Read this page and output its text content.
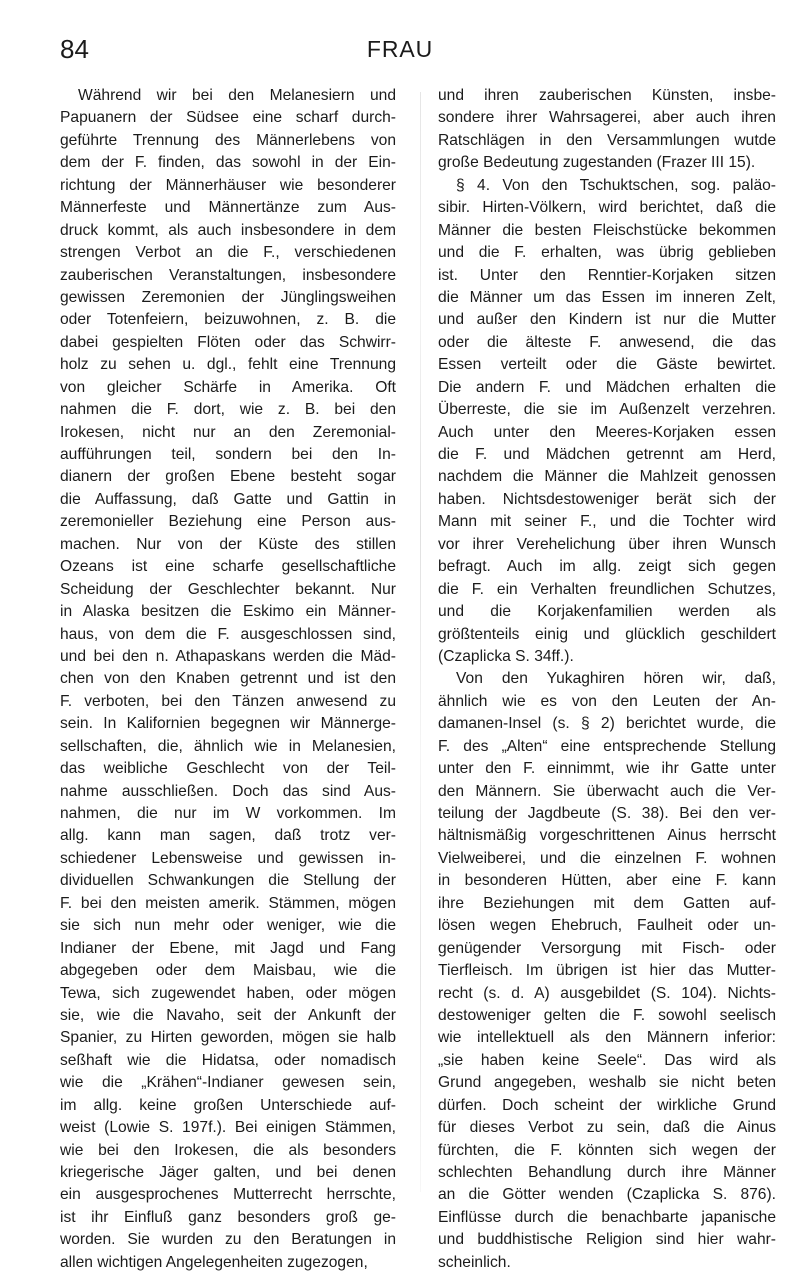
84	FRAU
Während wir bei den Melanesiern und
Papuanern der Südsee eine scharf durch-
geführte Trennung des Männerlebens von
dem der F. finden, das sowohl in der Ein-
richtung der Männerhäuser wie besonderer
Männerfeste und Männertänze zum Aus-
druck kommt, als auch insbesondere in dem
strengen Verbot an die F., verschiedenen
zauberischen Veranstaltungen, insbesondere
gewissen Zeremonien der Jünglingsweihen
oder Totenfeiern, beizuwohnen, z. B. die
dabei gespielten Flöten oder das Schwirr-
holz zu sehen u. dgl., fehlt eine Trennung
von gleicher Schärfe in Amerika. Oft
nahmen die F. dort, wie z. B. bei den
Irokesen, nicht nur an den Zeremonial-
aufführungen teil, sondern bei den In-
dianern der großen Ebene besteht sogar
die Auffassung, daß Gatte und Gattin in
zeremonieller Beziehung eine Person aus-
machen. Nur von der Küste des stillen
Ozeans ist eine scharfe gesellschaftliche
Scheidung der Geschlechter bekannt. Nur
in Alaska besitzen die Eskimo ein Männer-
haus, von dem die F. ausgeschlossen sind,
und bei den n. Athapaskans werden die Mäd-
chen von den Knaben getrennt und ist den
F. verboten, bei den Tänzen anwesend zu
sein. In Kalifornien begegnen wir Männerge-
sellschaften, die, ähnlich wie in Melanesien,
das weibliche Geschlecht von der Teil-
nahme ausschließen. Doch das sind Aus-
nahmen, die nur im W vorkommen. Im
allg. kann man sagen, daß trotz ver-
schiedener Lebensweise und gewissen in-
dividuellen Schwankungen die Stellung der
F. bei den meisten amerik. Stämmen, mögen
sie sich nun mehr oder weniger, wie die
Indianer der Ebene, mit Jagd und Fang
abgegeben oder dem Maisbau, wie die
Tewa, sich zugewendet haben, oder mögen
sie, wie die Navaho, seit der Ankunft der
Spanier, zu Hirten geworden, mögen sie halb
seßhaft wie die Hidatsa, oder nomadisch
wie die „Krähen“-Indianer gewesen sein,
im allg. keine großen Unterschiede auf-
weist (Lowie S. 197f.). Bei einigen Stämmen,
wie bei den Irokesen, die als besonders
kriegerische Jäger galten, und bei denen
ein ausgesprochenes Mutterrecht herrschte,
ist ihr Einfluß ganz besonders groß ge-
worden. Sie wurden zu den Beratungen in
allen wichtigen Angelegenheiten zugezogen,
und ihren zauberischen Künsten, insbe-
sondere ihrer Wahrsagerei, aber auch ihren
Ratschlägen in den Versammlungen wutde
große Bedeutung zugestanden (Frazer III 15).
§ 4. Von den Tschuktschen, sog. paläo-
sibir. Hirten-Völkern, wird berichtet, daß die
Männer die besten Fleischstücke bekommen
und die F. erhalten, was übrig geblieben
ist. Unter den Renntier-Korjaken sitzen
die Männer um das Essen im inneren Zelt,
und außer den Kindern ist nur die Mutter
oder die älteste F. anwesend, die das
Essen verteilt oder die Gäste bewirtet.
Die andern F. und Mädchen erhalten die
Überreste, die sie im Außenzelt verzehren.
Auch unter den Meeres-Korjaken essen
die F. und Mädchen getrennt am Herd,
nachdem die Männer die Mahlzeit genossen
haben. Nichtsdestoweniger berät sich der
Mann mit seiner F., und die Tochter wird
vor ihrer Verehelichung über ihren Wunsch
befragt. Auch im allg. zeigt sich gegen
die F. ein Verhalten freundlichen Schutzes,
und die Korjakenfamilien werden als
größtenteils einig und glücklich geschildert
(Czaplicka S. 34ff.).
Von den Yukaghiren hören wir, daß,
ähnlich wie es von den Leuten der An-
damanen-Insel (s. § 2) berichtet wurde, die
F. des „Alten“ eine entsprechende Stellung
unter den F. einnimmt, wie ihr Gatte unter
den Männern. Sie überwacht auch die Ver-
teilung der Jagdbeute (S. 38). Bei den ver-
hältnismäßig vorgeschrittenen Ainus herrscht
Vielweiberei, und die einzelnen F. wohnen
in besonderen Hütten, aber eine F. kann
ihre Beziehungen mit dem Gatten auf-
lösen wegen Ehebruch, Faulheit oder un-
genügender Versorgung mit Fisch- oder
Tierfleisch. Im übrigen ist hier das Mutter-
recht (s. d. A) ausgebildet (S. 104). Nichts-
destoweniger gelten die F. sowohl seelisch
wie intellektuell als den Männern inferior:
„sie haben keine Seele“. Das wird als
Grund angegeben, weshalb sie nicht beten
dürfen. Doch scheint der wirkliche Grund
für dieses Verbot zu sein, daß die Ainus
fürchten, die F. könnten sich wegen der
schlechten Behandlung durch ihre Männer
an die Götter wenden (Czaplicka S. 876).
Einflüsse durch die benachbarte japanische
und buddhistische Religion sind hier wahr-
scheinlich.
